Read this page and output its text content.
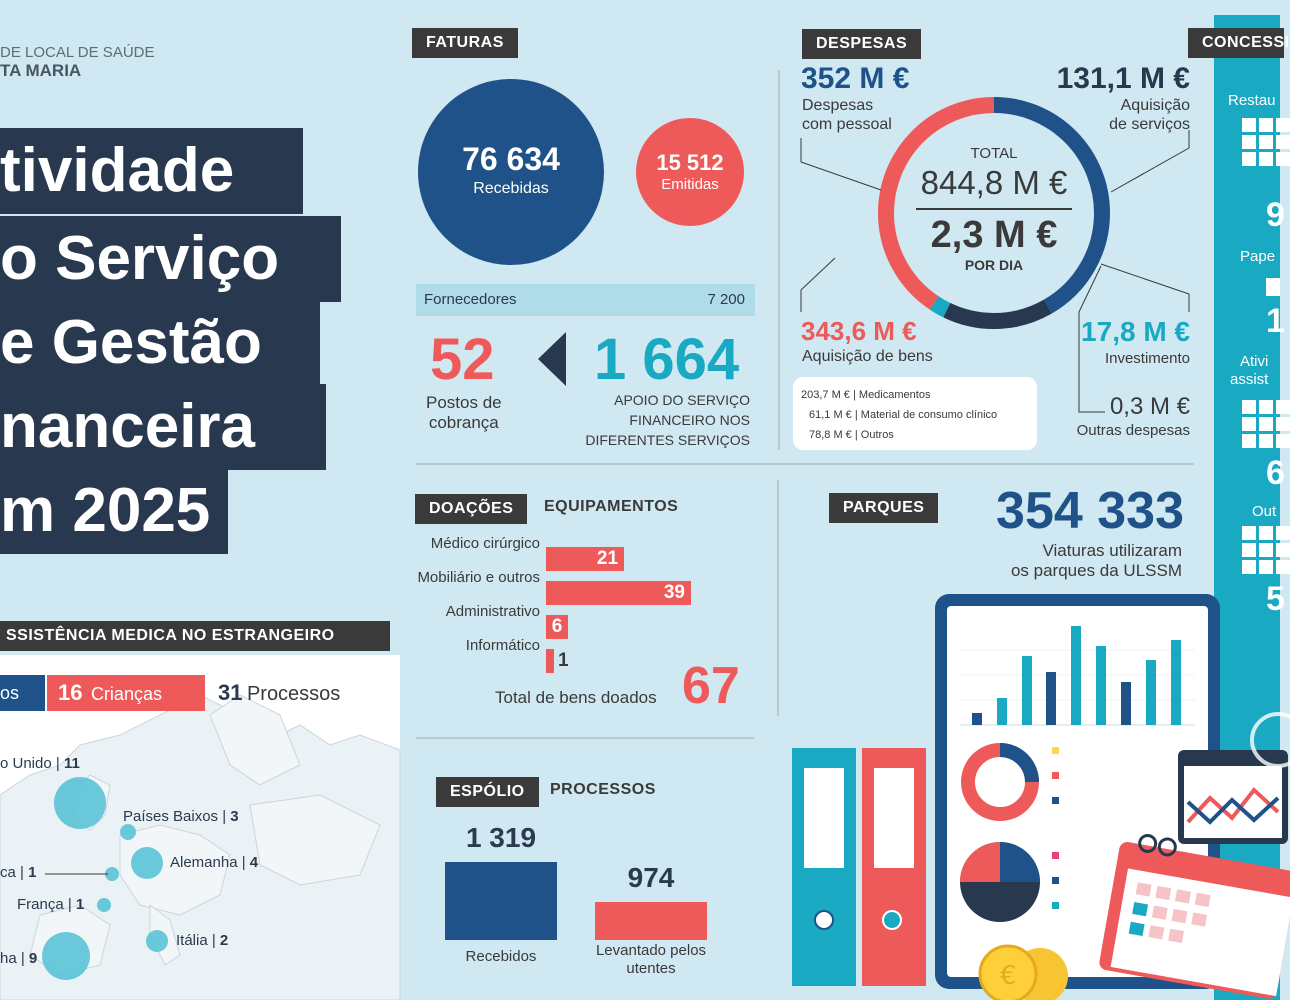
DE LOCAL DE SAÚDE
TA MARIA
tividade
o Serviço
e Gestão
nanceira
m 2025
SSISTÊNCIA MEDICA NO ESTRANGEIRO
os	16 Crianças	31 Processos
o Unido | 11
Países Baixos | 3
Alemanha | 4
ca | 1
França | 1
Itália | 2
ha | 9
FATURAS
76 634
Recebidas
15 512
Emitidas
Fornecedores	7 200
52
Postos de
cobrança
1 664
APOIO DO SERVIÇO
FINANCEIRO NOS
DIFERENTES SERVIÇOS
DESPESAS
TOTAL
844,8 M €
2,3 M €
POR DIA
352 M €
Despesas
com pessoal
131,1 M €
Aquisição
de serviços
343,6 M €
Aquisição de bens
17,8 M €
Investimento
0,3 M €
Outras despesas
203,7 M € | Medicamentos
61,1 M € | Material de consumo clínico
78,8 M € | Outros
CONCESSI
Restau
9
Pape
1
Ativi
assist
6
Out
5
DOAÇÕES	EQUIPAMENTOS
Médico cirúrgico
21
Mobiliário e outros
39
Administrativo
6
Informático
1
Total de bens doados 67
PARQUES	354 333
Viaturas utilizaram
os parques da ULSSM
ESPÓLIO	PROCESSOS
1 319
Recebidos
974
Levantado pelos
utentes	€
